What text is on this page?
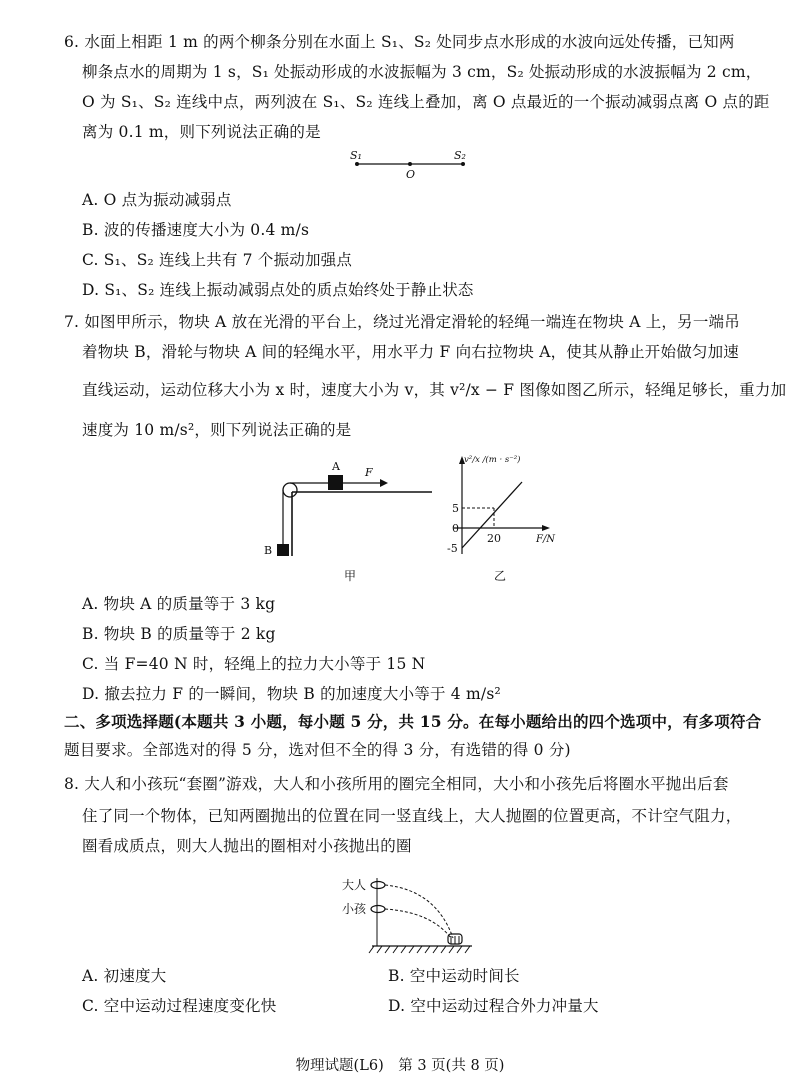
6. 水面上相距 1 m 的两个柳条分别在水面上 S₁、S₂ 处同步点水形成的水波向远处传播，已知两
柳条点水的周期为 1 s，S₁ 处振动形成的水波振幅为 3 cm，S₂ 处振动形成的水波振幅为 2 cm，
O 为 S₁、S₂ 连线中点，两列波在 S₁、S₂ 连线上叠加，离 O 点最近的一个振动减弱点离 O 点的距
离为 0.1 m，则下列说法正确的是
S₁	S₂
O
A. O 点为振动减弱点
B. 波的传播速度大小为 0.4 m/s
C. S₁、S₂ 连线上共有 7 个振动加强点
D. S₁、S₂ 连线上振动减弱点处的质点始终处于静止状态
7. 如图甲所示，物块 A 放在光滑的平台上，绕过光滑定滑轮的轻绳一端连在物块 A 上，另一端吊
着物块 B，滑轮与物块 A 间的轻绳水平，用水平力 F 向右拉物块 A，使其从静止开始做匀加速
直线运动，运动位移大小为 x 时，速度大小为 v，其 v²/x − F 图像如图乙所示，轻绳足够长，重力加
速度为 10 m/s²，则下列说法正确的是
A F
B
甲
v²/x /(m · s⁻²)
F/N
5
0
-5
20
乙
A. 物块 A 的质量等于 3 kg
B. 物块 B 的质量等于 2 kg
C. 当 F=40 N 时，轻绳上的拉力大小等于 15 N
D. 撤去拉力 F 的一瞬间，物块 B 的加速度大小等于 4 m/s²
二、多项选择题(本题共 3 小题，每小题 5 分，共 15 分。在每小题给出的四个选项中，有多项符合
题目要求。全部选对的得 5 分，选对但不全的得 3 分，有选错的得 0 分)
8. 大人和小孩玩“套圈”游戏，大人和小孩所用的圈完全相同，大小和小孩先后将圈水平抛出后套
住了同一个物体，已知两圈抛出的位置在同一竖直线上，大人抛圈的位置更高，不计空气阻力，
圈看成质点，则大人抛出的圈相对小孩抛出的圈
大人
小孩
A. 初速度大	B. 空中运动时间长
C. 空中运动过程速度变化快	D. 空中运动过程合外力冲量大
物理试题(L6)　第 3 页(共 8 页)
